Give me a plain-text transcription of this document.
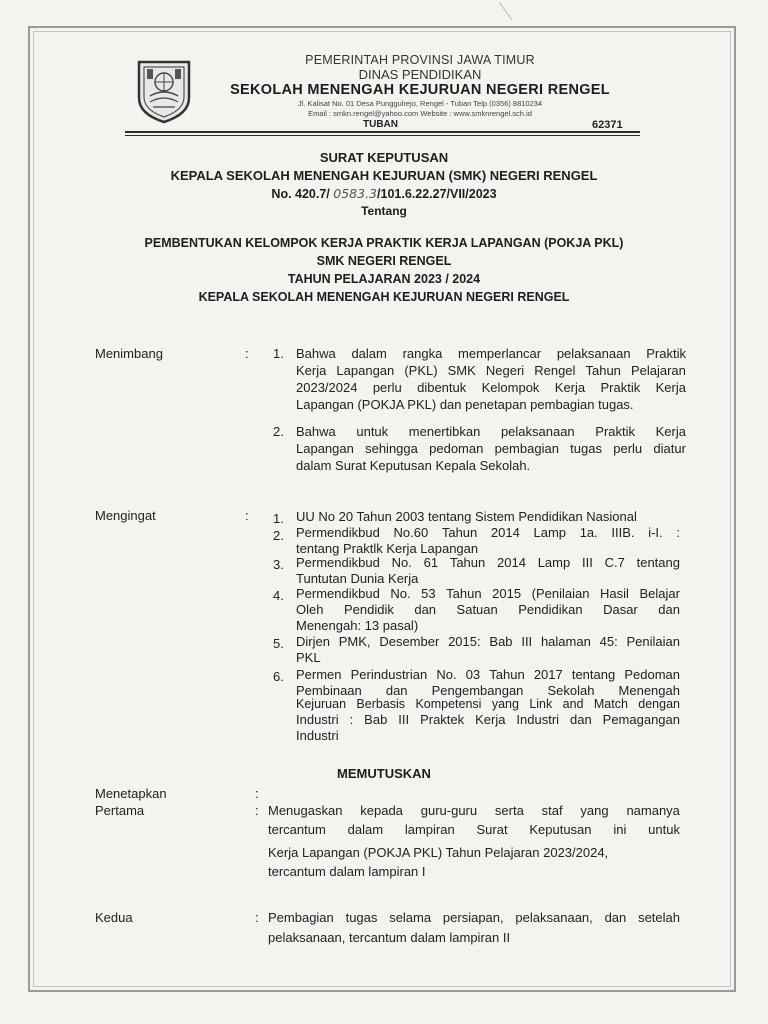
PEMERINTAH PROVINSI JAWA TIMUR
DINAS PENDIDIKAN
SEKOLAH MENENGAH KEJURUAN NEGERI RENGEL
Jl. Kalisat No. 01 Desa Punggulrejo, Rengel - Tuban Telp (0356) 8810234
Email : smkn.rengel@yahoo.com Website : www.smknrengel.sch.id
TUBAN	62371
SURAT KEPUTUSAN
KEPALA SEKOLAH MENENGAH KEJURUAN (SMK) NEGERI RENGEL
No. 420.7/ 0583.3/101.6.22.27/VII/2023
Tentang
PEMBENTUKAN KELOMPOK KERJA PRAKTIK KERJA LAPANGAN (POKJA PKL)
SMK NEGERI RENGEL
TAHUN PELAJARAN 2023 / 2024
KEPALA SEKOLAH MENENGAH KEJURUAN NEGERI RENGEL
Menimbang	: 1. Bahwa dalam rangka memperlancar pelaksanaan Praktik
Kerja Lapangan (PKL) SMK Negeri Rengel Tahun Pelajaran
2023/2024 perlu dibentuk Kelompok Kerja Praktik Kerja
Lapangan (POKJA PKL) dan penetapan pembagian tugas.
2. Bahwa untuk menertibkan pelaksanaan Praktik Kerja
Lapangan sehingga pedoman pembagian tugas perlu diatur
dalam Surat Keputusan Kepala Sekolah.
Mengingat	: 1. UU No 20 Tahun 2003 tentang Sistem Pendidikan Nasional
2. Permendikbud No.60 Tahun 2014 Lamp 1a. IIIB. i-I. :
tentang Praktlk Kerja Lapangan
3. Permendikbud No. 61 Tahun 2014 Lamp III C.7 tentang
Tuntutan Dunia Kerja
4. Permendikbud No. 53 Tahun 2015 (Penilaian Hasil Belajar
Oleh Pendidik dan Satuan Pendidikan Dasar dan
Menengah: 13 pasal)
5. Dirjen PMK, Desember 2015: Bab III halaman 45: Penilaian
PKL
6. Permen Perindustrian No. 03 Tahun 2017 tentang Pedoman
Pembinaan dan Pengembangan Sekolah Menengah
Kejuruan Berbasis Kompetensi yang Link and Match dengan
Industri : Bab III Praktek Kerja Industri dan Pemagangan
Industri
MEMUTUSKAN
Menetapkan	:
Pertama	: Menugaskan kepada guru-guru serta staf yang namanya
tercantum dalam lampiran Surat Keputusan ini untuk
Kerja Lapangan (POKJA PKL) Tahun Pelajaran 2023/2024,
tercantum dalam lampiran I
Kedua	: Pembagian tugas selama persiapan, pelaksanaan, dan setelah
pelaksanaan, tercantum dalam lampiran II
